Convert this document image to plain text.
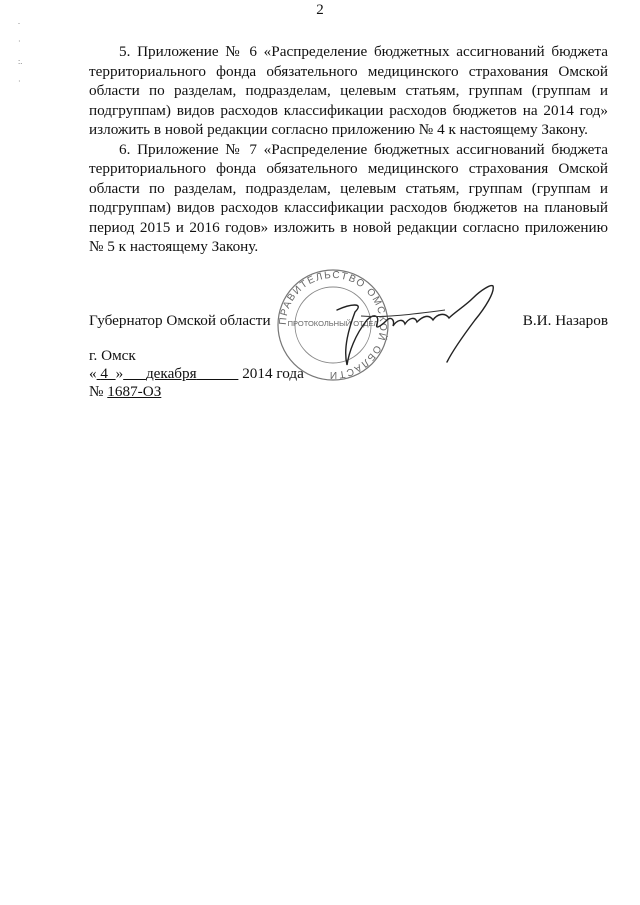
2
.
·
:.
·

5. Приложение № 6 «Распределение бюджетных ассигнований бюджета территориального фонда обязательного медицинского страхования Омской области по разделам, подразделам, целевым статьям, группам (группам и подгруппам) видов расходов классификации расходов бюджетов на 2014 год» изложить в новой редакции согласно приложению № 4 к настоящему Закону.

6. Приложение № 7 «Распределение бюджетных ассигнований бюджета территориального фонда обязательного медицинского страхования Омской области по разделам, подразделам, целевым статьям, группам (группам и подгруппам) видов расходов классификации расходов бюджетов на плановый период 2015 и 2016 годов» изложить в новой редакции согласно приложению № 5 к настоящему Закону.

ПРАВИТЕЛЬСТВО ОМСКОЙ ОБЛАСТИ
ПРОТОКОЛЬНЫЙ ОТДЕЛ
Губернатор Омской области	В.И. Назаров
г. Омск
« 4 » декабря	2014 года
№ 1687-ОЗ
